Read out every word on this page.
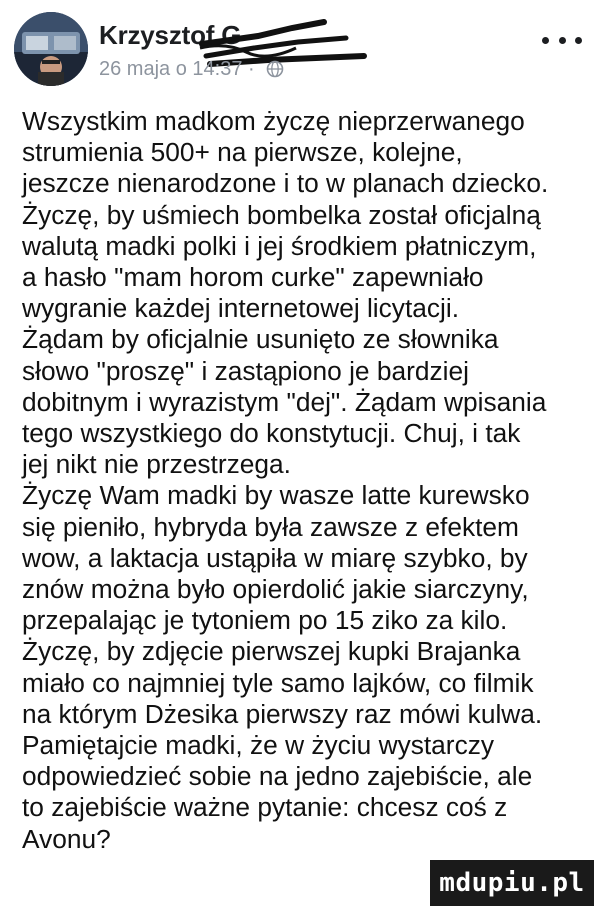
Krzysztof G
26 maja o 14:37 ·
Wszystkim madkom życzę nieprzerwanego
strumienia 500+ na pierwsze, kolejne,
jeszcze nienarodzone i to w planach dziecko.
Życzę, by uśmiech bombelka został oficjalną
walutą madki polki i jej środkiem płatniczym,
a hasło "mam horom curke" zapewniało
wygranie każdej internetowej licytacji.
Żądam by oficjalnie usunięto ze słownika
słowo "proszę" i zastąpiono je bardziej
dobitnym i wyrazistym "dej". Żądam wpisania
tego wszystkiego do konstytucji. Chuj, i tak
jej nikt nie przestrzega.
Życzę Wam madki by wasze latte kurewsko
się pieniło, hybryda była zawsze z efektem
wow, a laktacja ustąpiła w miarę szybko, by
znów można było opierdolić jakie siarczyny,
przepalając je tytoniem po 15 ziko za kilo.
Życzę, by zdjęcie pierwszej kupki Brajanka
miało co najmniej tyle samo lajków, co filmik
na którym Dżesika pierwszy raz mówi kulwa.
Pamiętajcie madki, że w życiu wystarczy
odpowiedzieć sobie na jedno zajebiście, ale
to zajebiście ważne pytanie: chcesz coś z
Avonu?
mdupiu.pl
